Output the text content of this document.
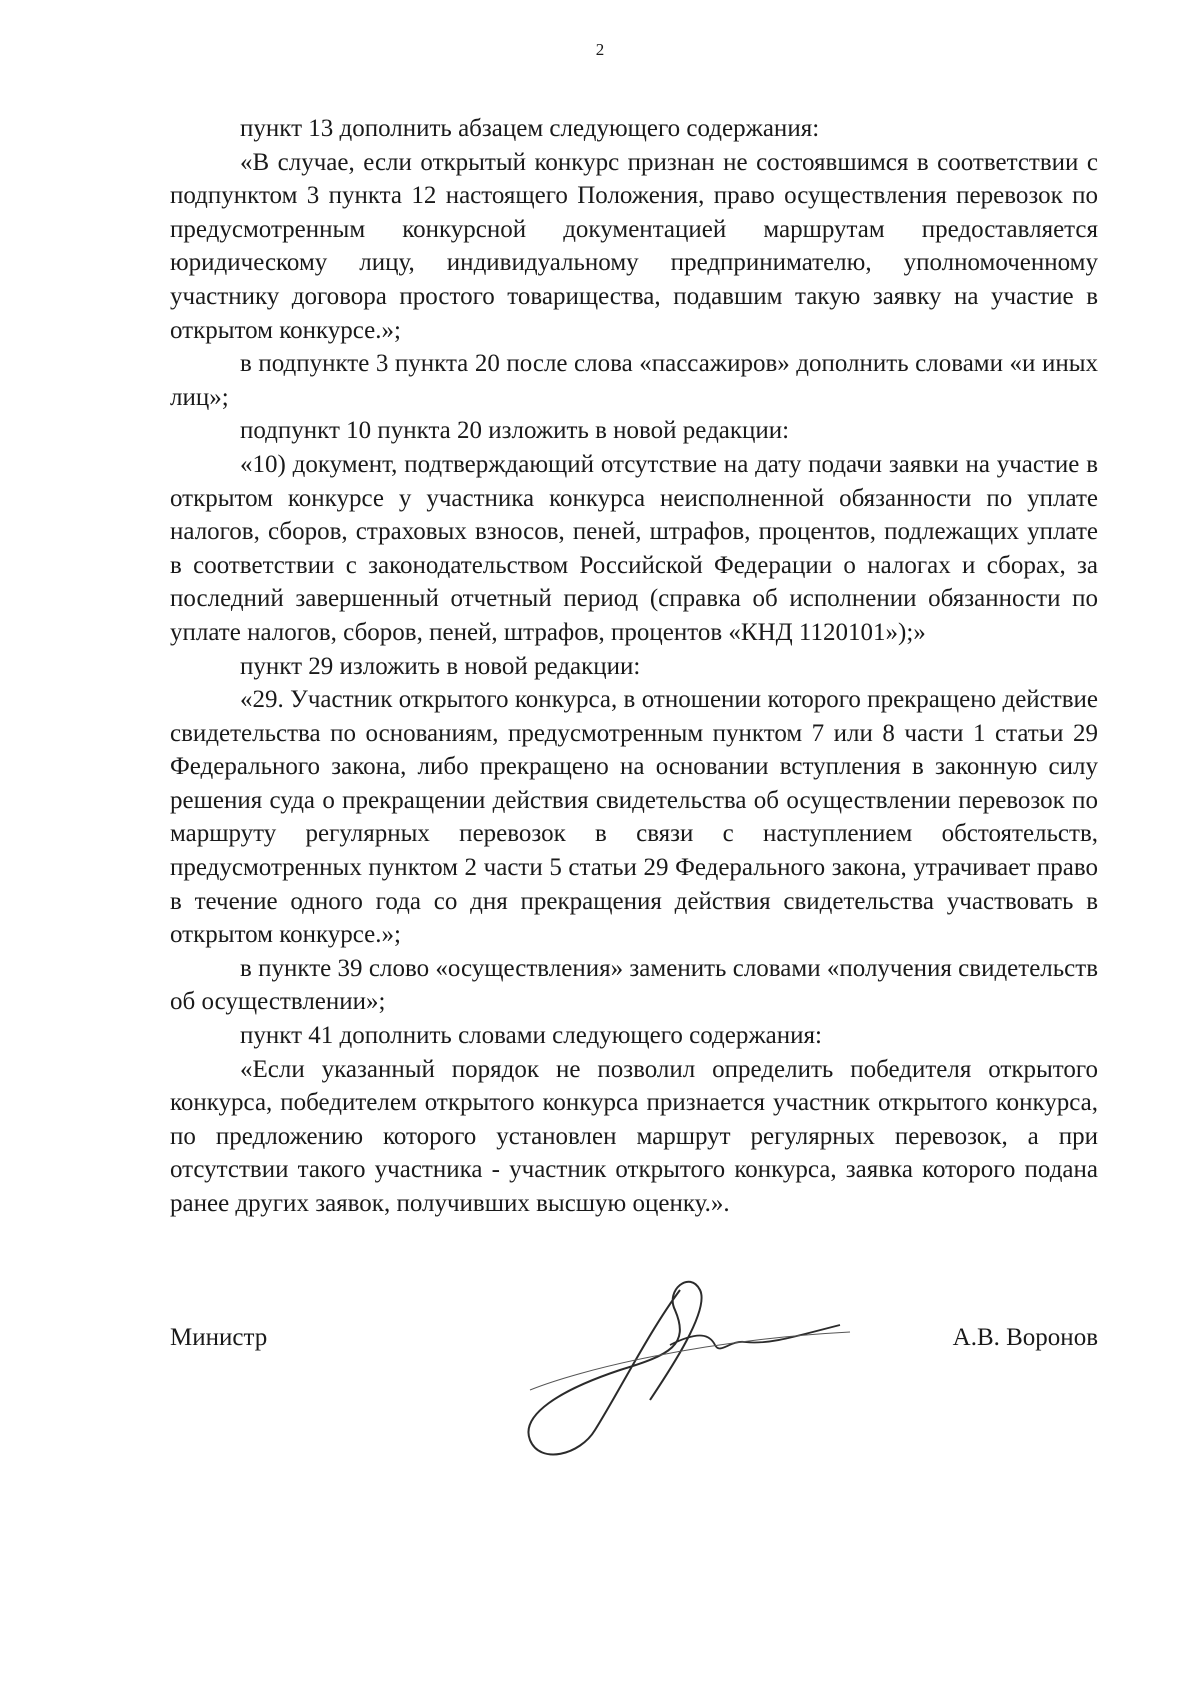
2

пункт 13 дополнить абзацем следующего содержания:

«В случае, если открытый конкурс признан не состоявшимся в соответствии с подпунктом 3 пункта 12 настоящего Положения, право осуществления перевозок по предусмотренным конкурсной документацией маршрутам предоставляется юридическому лицу, индивидуальному предпринимателю, уполномоченному участнику договора простого товарищества, подавшим такую заявку на участие в открытом конкурсе.»;

в подпункте 3 пункта 20 после слова «пассажиров» дополнить словами «и иных лиц»;

подпункт 10 пункта 20 изложить в новой редакции:

«10) документ, подтверждающий отсутствие на дату подачи заявки на участие в открытом конкурсе у участника конкурса неисполненной обязанности по уплате налогов, сборов, страховых взносов, пеней, штрафов, процентов, подлежащих уплате в соответствии с законодательством Российской Федерации о налогах и сборах, за последний завершенный отчетный период (справка об исполнении обязанности по уплате налогов, сборов, пеней, штрафов, процентов «КНД 1120101»);»

пункт 29 изложить в новой редакции:

«29. Участник открытого конкурса, в отношении которого прекращено действие свидетельства по основаниям, предусмотренным пунктом 7 или 8 части 1 статьи 29 Федерального закона, либо прекращено на основании вступления в законную силу решения суда о прекращении действия свидетельства об осуществлении перевозок по маршруту регулярных перевозок в связи с наступлением обстоятельств, предусмотренных пунктом 2 части 5 статьи 29 Федерального закона, утрачивает право в течение одного года со дня прекращения действия свидетельства участвовать в открытом конкурсе.»;

в пункте 39 слово «осуществления» заменить словами «получения свидетельств об осуществлении»;

пункт 41 дополнить словами следующего содержания:

«Если указанный порядок не позволил определить победителя открытого конкурса, победителем открытого конкурса признается участник открытого конкурса, по предложению которого установлен маршрут регулярных перевозок, а при отсутствии такого участника - участник открытого конкурса, заявка которого подана ранее других заявок, получивших высшую оценку.».

Министр	А.В. Воронов
